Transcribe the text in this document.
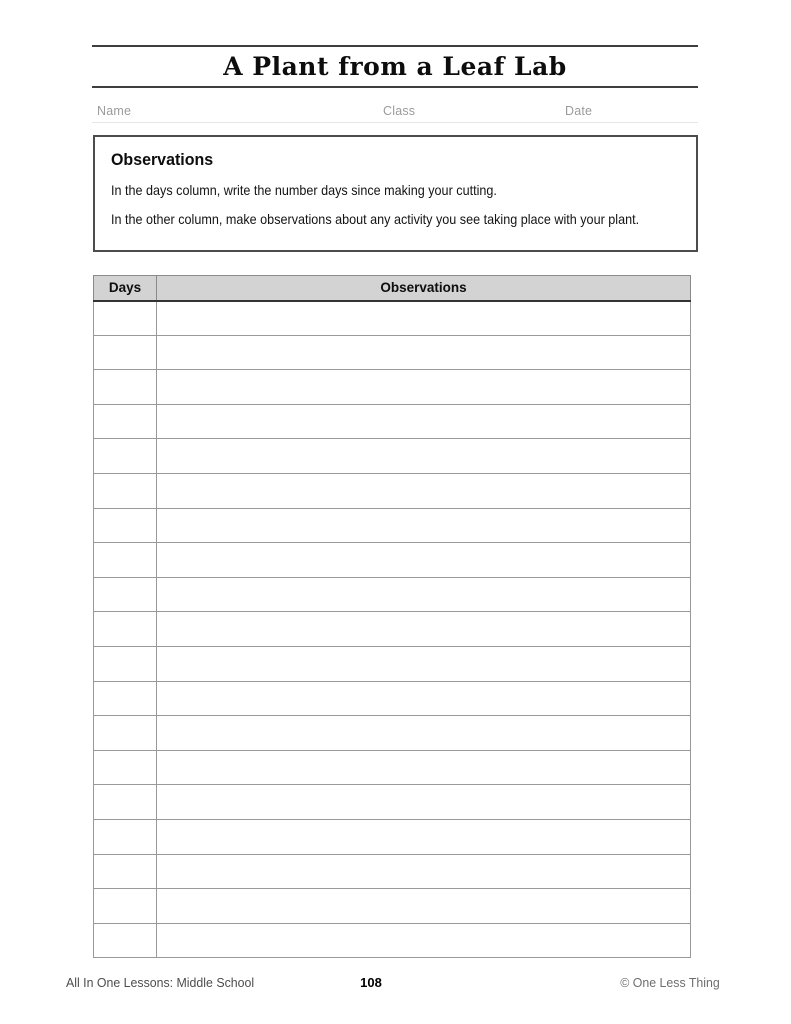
A Plant from a Leaf Lab
Name	Class	Date
Observations

In the days column, write the number days since making your cutting.

In the other column, make observations about any activity you see taking place with your plant.

Days	Observations

All In One Lessons: Middle School	108	© One Less Thing
